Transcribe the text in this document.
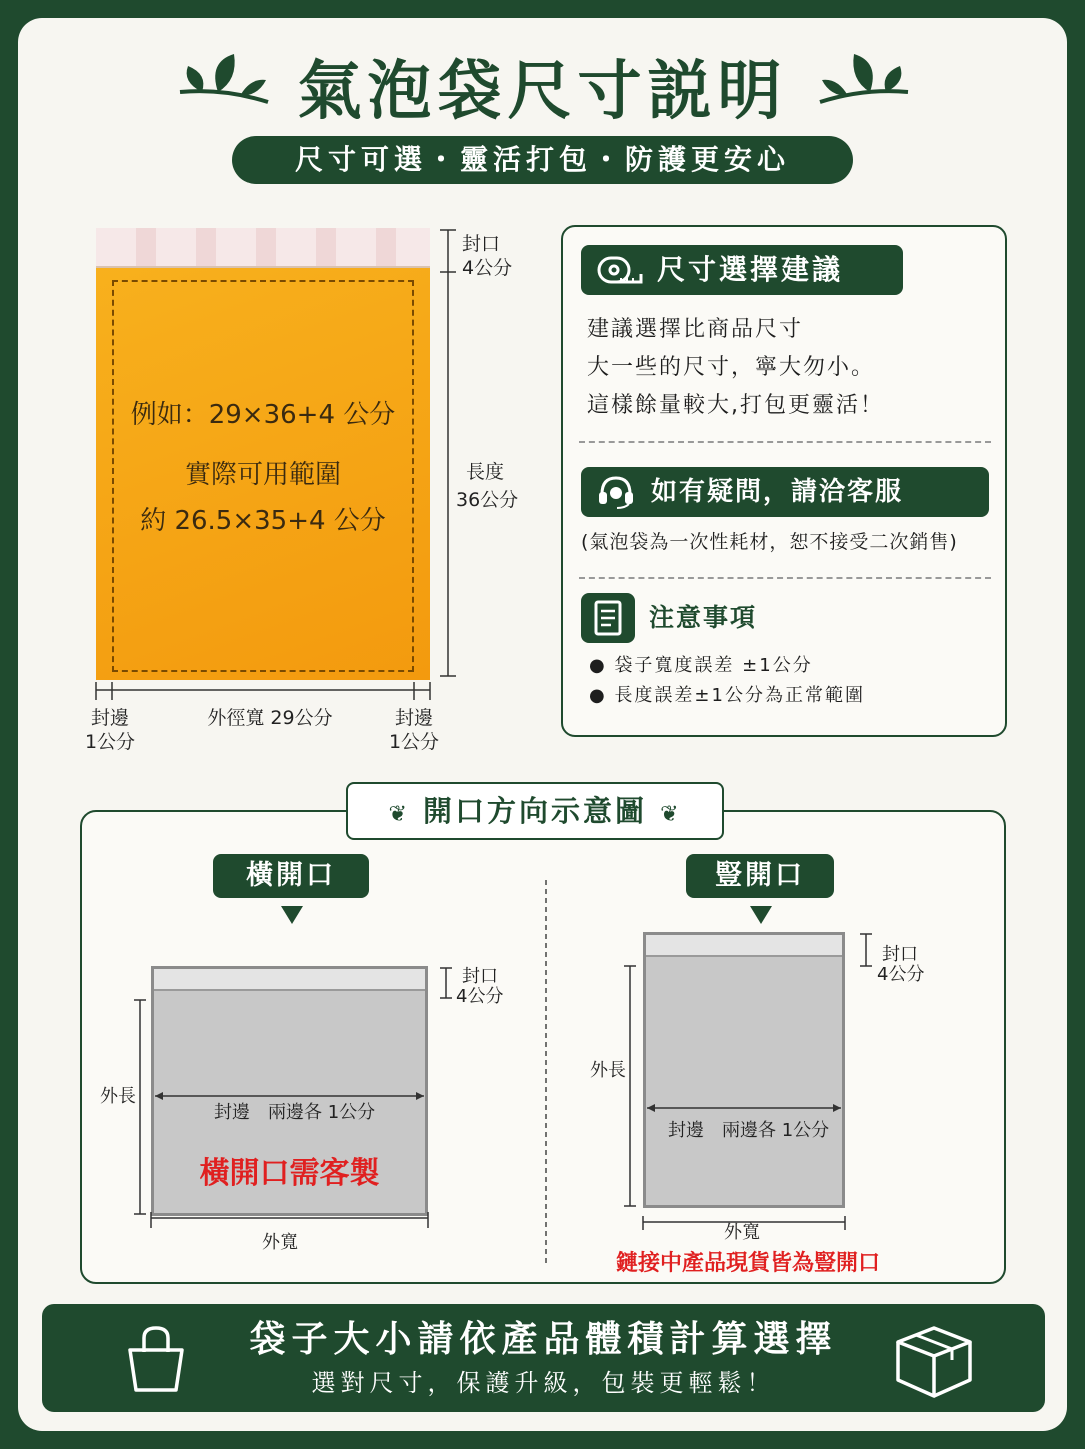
氣泡袋尺寸説明
尺寸可選・靈活打包・防護更安心
例如：29×36+4 公分
實際可用範圍
約 26.5×35+4 公分
封口
4公分
長度
36公分
封邊
1公分
外徑寬 29公分	封邊
1公分
尺寸選擇建議
建議選擇比商品尺寸
大一些的尺寸，寧大勿小。
這樣餘量較大,打包更靈活！
如有疑問，請洽客服
(氣泡袋為一次性耗材，恕不接受二次銷售)
注意事項
● 袋子寬度誤差 ±1公分
● 長度誤差±1公分為正常範圍
❦ 開口方向示意圖 ❦
橫開口
封口
4公分
外長
封邊　兩邊各 1公分
橫開口需客製
外寬
豎開口
封口
4公分
外長
封邊　兩邊各 1公分
外寬
鏈接中產品現貨皆為豎開口
袋子大小請依產品體積計算選擇
選對尺寸，保護升級，包裝更輕鬆！
